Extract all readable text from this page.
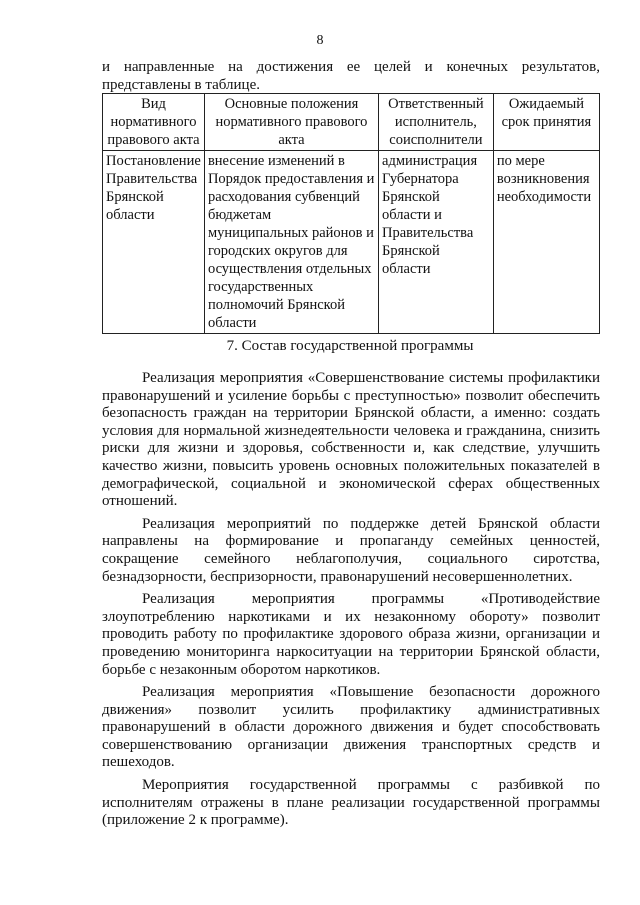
8
и направленные на достижения ее целей и конечных результатов, представлены в таблице.
Вид нормативного правового акта	Основные положения нормативного правового акта	Ответственный исполнитель, соисполнители	Ожидаемый срок принятия
Постановление Правительства Брянской области	внесение изменений в Порядок предоставления и расходования субвенций бюджетам муниципальных районов и городских округов для осуществления отдельных государственных полномочий Брянской области	администрация Губернатора Брянской области и Правительства Брянской области	по мере возникновения необходимости
7. Состав государственной программы

Реализация мероприятия «Совершенствование системы профилактики правонарушений и усиление борьбы с преступностью» позволит обеспечить безопасность граждан на территории Брянской области, а именно: создать условия для нормальной жизнедеятельности человека и гражданина, снизить риски для жизни и здоровья, собственности и, как следствие, улучшить качество жизни, повысить уровень основных положительных показателей в демографической, социальной и экономической сферах общественных отношений.

Реализация мероприятий по поддержке детей Брянской области направлены на формирование и пропаганду семейных ценностей, сокращение семейного неблагополучия, социального сиротства, безнадзорности, беспризорности, правонарушений несовершеннолетних.

Реализация мероприятия программы «Противодействие злоупотреблению наркотиками и их незаконному обороту» позволит проводить работу по профилактике здорового образа жизни, организации и проведению мониторинга наркоситуации на территории Брянской области, борьбе с незаконным оборотом наркотиков.

Реализация мероприятия «Повышение безопасности дорожного движения» позволит усилить профилактику административных правонарушений в области дорожного движения и будет способствовать совершенствованию организации движения транспортных средств и пешеходов.

Мероприятия государственной программы с разбивкой по исполнителям отражены в плане реализации государственной программы (приложение 2 к программе).
